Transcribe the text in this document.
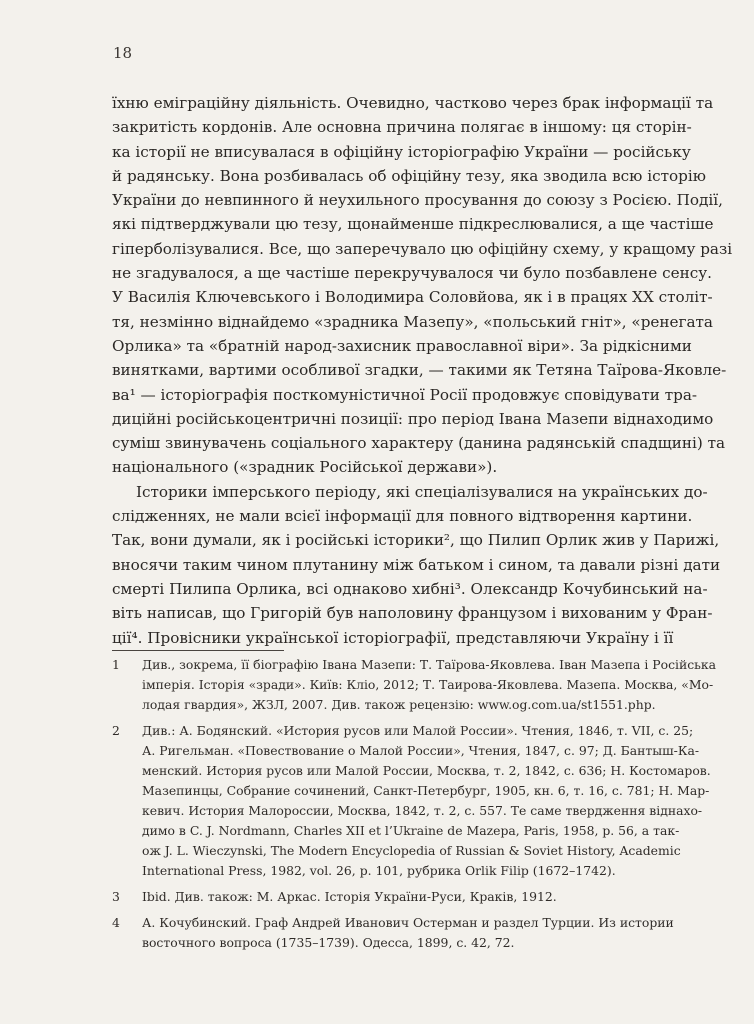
18
їхню еміграційну діяльність. Очевидно, частково через брак інформації та
закритість кордонів. Але основна причина полягає в іншому: ця сторін-
ка історії не вписувалася в офіційну історіографію України — російську
й радянську. Вона розбивалась об офіційну тезу, яка зводила всю історію
України до невпинного й неухильного просування до союзу з Росією. Події,
які підтверджували цю тезу, щонайменше підкреслювалися, а ще частіше
гіперболізувалися. Все, що заперечувало цю офіційну схему, у кращому разі
не згадувалося, а ще частіше перекручувалося чи було позбавлене сенсу.
У Василія Ключевського і Володимира Соловйова, як і в працях XX століт-
тя, незмінно віднайдемо «зрадника Мазепу», «польський гніт», «ренегата
Орлика» та «братній народ-захисник православної віри». За рідкісними
винятками, вартими особливої згадки, — такими як Тетяна Таїрова-Яковле-
ва¹ — історіографія посткомуністичної Росії продовжує сповідувати тра-
диційні російськоцентричні позиції: про період Івана Мазепи віднаходимо
суміш звинувачень соціального характеру (данина радянській спадщині) та
національного («зрадник Російської держави»).
Історики імперського періоду, які спеціалізувалися на українських до-
слідженнях, не мали всієї інформації для повного відтворення картини.
Так, вони думали, як і російські історики², що Пилип Орлик жив у Парижі,
вносячи таким чином плутанину між батьком і сином, та давали різні дати
смерті Пилипа Орлика, всі однаково хибні³. Олександр Кочубинський на-
віть написав, що Григорій був наполовину французом і вихованим у Фран-
ції⁴. Провісники української історіографії, представляючи Україну і її
1	Див., зокрема, її біографію Івана Мазепи: Т. Таїрова-Яковлева. Іван Мазепа і Російська
імперія. Історія «зради». Київ: Кліо, 2012; Т. Таирова-Яковлева. Мазепа. Москва, «Мо-
лодая гвардия», ЖЗЛ, 2007. Див. також рецензію: www.og.com.ua/st1551.php.
2	Див.: А. Бодянский. «История русов или Малой России». Чтения, 1846, т. VII, с. 25;
А. Ригельман. «Повествование о Малой России», Чтения, 1847, с. 97; Д. Бантыш-Ка-
менский. История русов или Малой России, Москва, т. 2, 1842, с. 636; Н. Костомаров.
Мазепинцы, Собрание сочинений, Санкт-Петербург, 1905, кн. 6, т. 16, с. 781; Н. Мар-
кевич. История Малороссии, Москва, 1842, т. 2, с. 557. Те саме твердження віднахо-
димо в C. J. Nordmann, Charles XII et l’Ukraine de Mazepa, Paris, 1958, р. 56, а так-
ож J. L. Wieczynski, The Modern Encyclopedia of Russian & Soviet History, Academic
International Press, 1982, vol. 26, p. 101, рубрика Orlik Filip (1672–1742).
3	Ibid. Див. також: М. Аркас. Історія України-Руси, Краків, 1912.
4	А. Кочубинский. Граф Андрей Иванович Остерман и раздел Турции. Из истории
восточного вопроса (1735–1739). Одесса, 1899, с. 42, 72.
